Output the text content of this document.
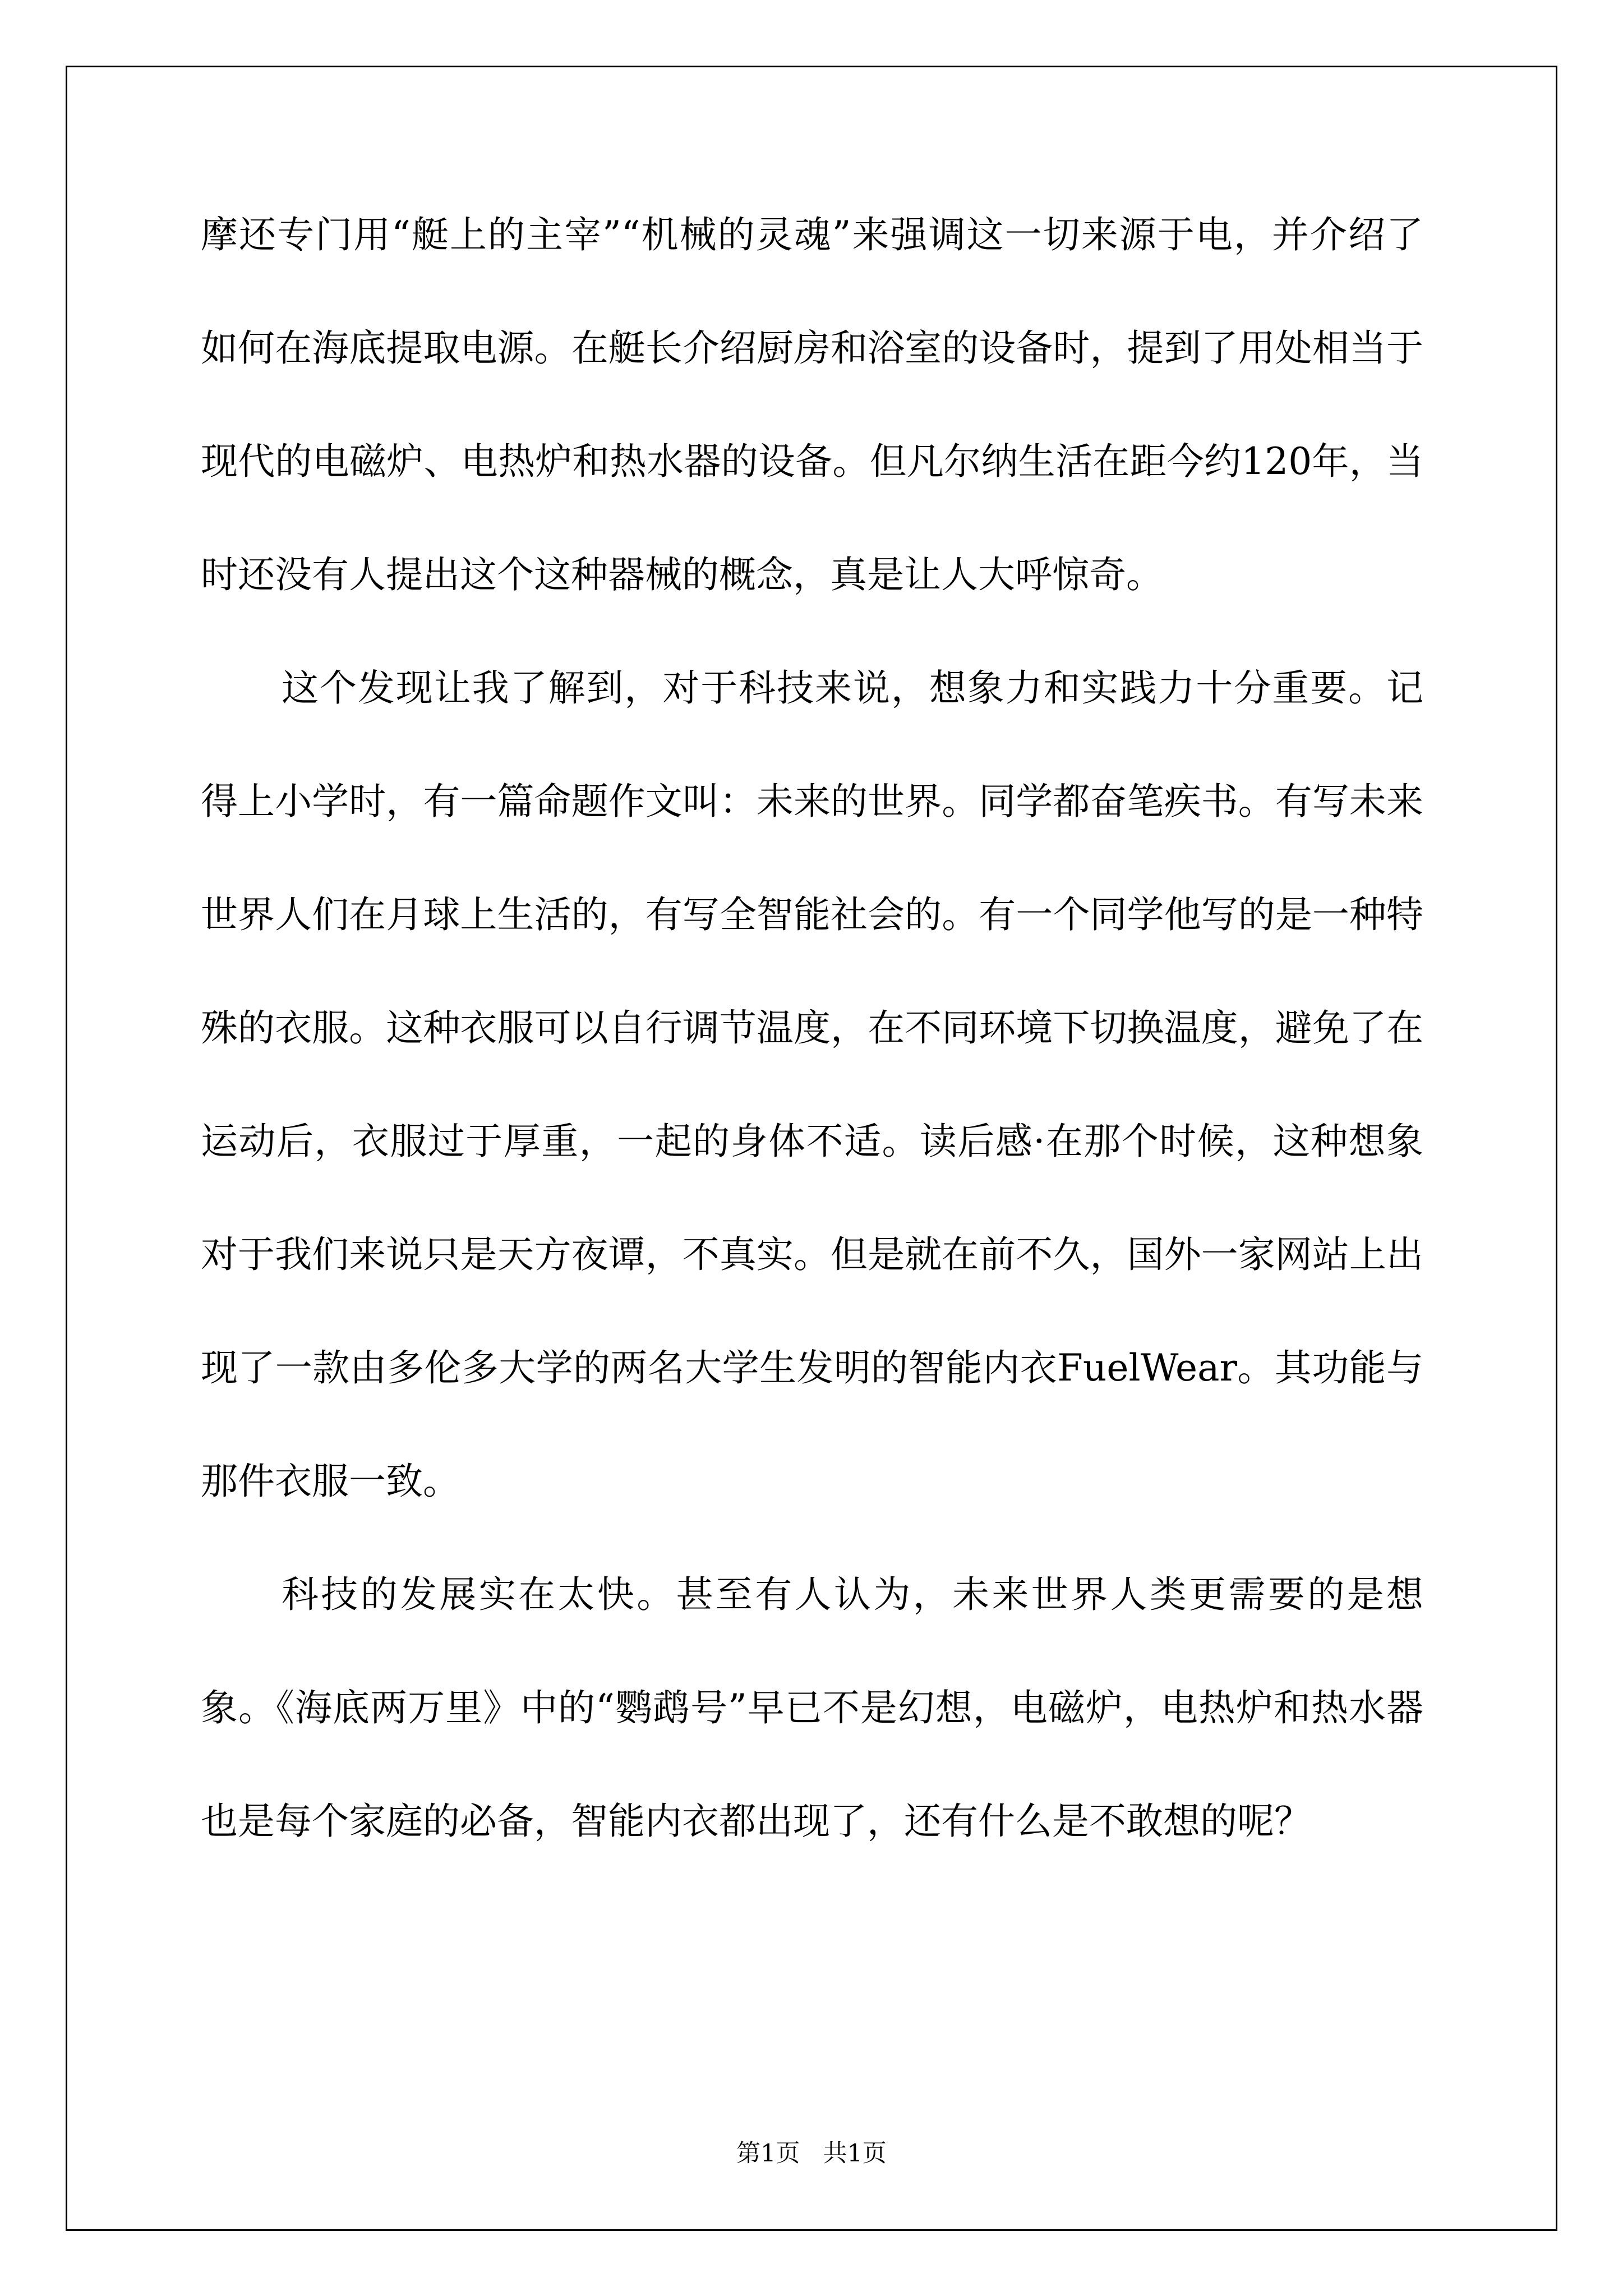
摩还专门用“艇上的主宰”“机械的灵魂”来强调这一切来源于电，并介绍了如何在海底提取电源。在艇长介绍厨房和浴室的设备时，提到了用处相当于现代的电磁炉、电热炉和热水器的设备。但凡尔纳生活在距今约120年，当时还没有人提出这个这种器械的概念，真是让人大呼惊奇。

这个发现让我了解到，对于科技来说，想象力和实践力十分重要。记得上小学时，有一篇命题作文叫：未来的世界。同学都奋笔疾书。有写未来世界人们在月球上生活的，有写全智能社会的。有一个同学他写的是一种特殊的衣服。这种衣服可以自行调节温度，在不同环境下切换温度，避免了在运动后，衣服过于厚重，一起的身体不适。读后感·在那个时候，这种想象对于我们来说只是天方夜谭，不真实。但是就在前不久，国外一家网站上出现了一款由多伦多大学的两名大学生发明的智能内衣FuelWear。其功能与那件衣服一致。

科技的发展实在太快。甚至有人认为，未来世界人类更需要的是想象。《海底两万里》中的“鹦鹉号”早已不是幻想，电磁炉，电热炉和热水器也是每个家庭的必备，智能内衣都出现了，还有什么是不敢想的呢？

第1页   共1页
